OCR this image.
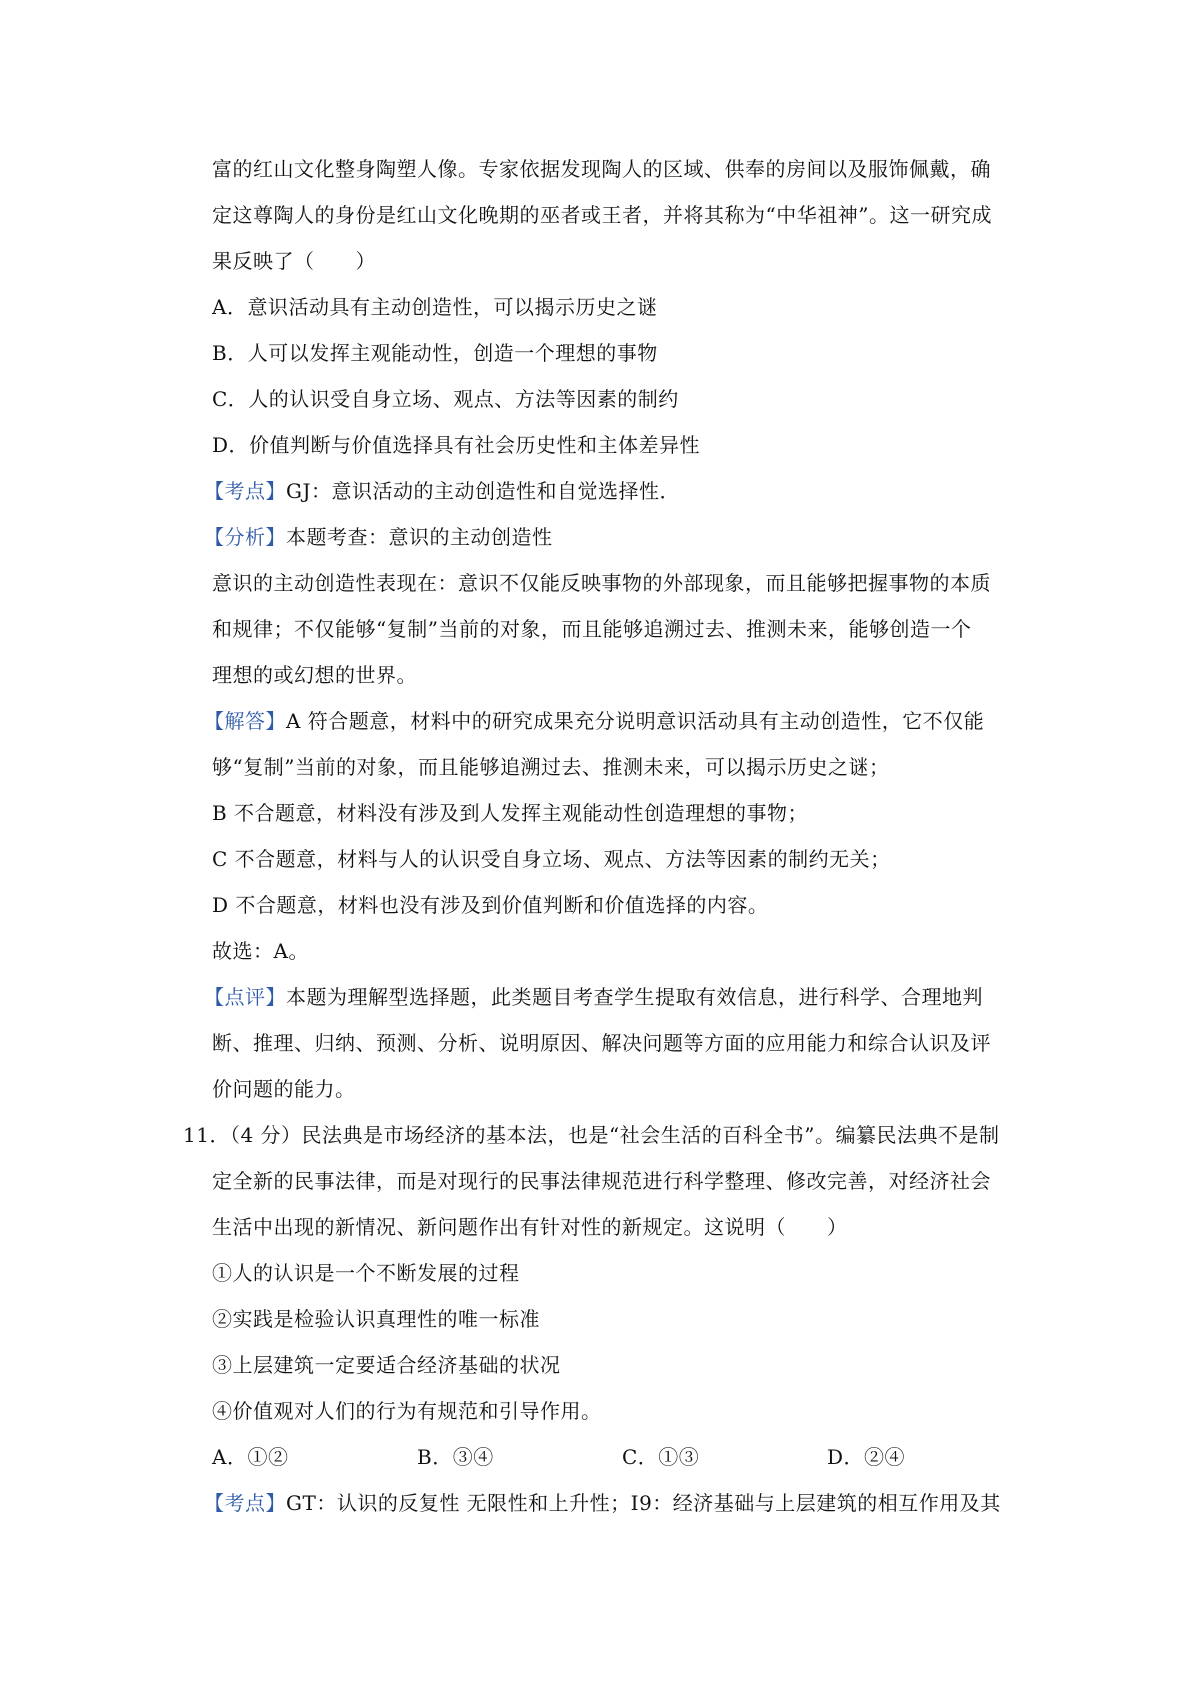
富的红山文化整身陶塑人像。专家依据发现陶人的区域、供奉的房间以及服饰佩戴，确
定这尊陶人的身份是红山文化晚期的巫者或王者，并将其称为“中华祖神”。这一研究成
果反映了（　　）
A．意识活动具有主动创造性，可以揭示历史之谜
B．人可以发挥主观能动性，创造一个理想的事物
C．人的认识受自身立场、观点、方法等因素的制约
D．价值判断与价值选择具有社会历史性和主体差异性
【考点】GJ：意识活动的主动创造性和自觉选择性．
【分析】本题考查：意识的主动创造性
意识的主动创造性表现在：意识不仅能反映事物的外部现象，而且能够把握事物的本质
和规律；不仅能够“复制”当前的对象，而且能够追溯过去、推测未来，能够创造一个
理想的或幻想的世界。
【解答】A 符合题意，材料中的研究成果充分说明意识活动具有主动创造性，它不仅能
够“复制”当前的对象，而且能够追溯过去、推测未来，可以揭示历史之谜；
B 不合题意，材料没有涉及到人发挥主观能动性创造理想的事物；
C 不合题意，材料与人的认识受自身立场、观点、方法等因素的制约无关；
D 不合题意，材料也没有涉及到价值判断和价值选择的内容。
故选：A。
【点评】本题为理解型选择题，此类题目考查学生提取有效信息，进行科学、合理地判
断、推理、归纳、预测、分析、说明原因、解决问题等方面的应用能力和综合认识及评
价问题的能力。
11．（4 分）民法典是市场经济的基本法，也是“社会生活的百科全书”。编纂民法典不是制
定全新的民事法律，而是对现行的民事法律规范进行科学整理、修改完善，对经济社会
生活中出现的新情况、新问题作出有针对性的新规定。这说明（　　）
①人的认识是一个不断发展的过程
②实践是检验认识真理性的唯一标准
③上层建筑一定要适合经济基础的状况
④价值观对人们的行为有规范和引导作用。
A．①②	B．③④	C．①③	D．②④
【考点】GT：认识的反复性 无限性和上升性；I9：经济基础与上层建筑的相互作用及其
